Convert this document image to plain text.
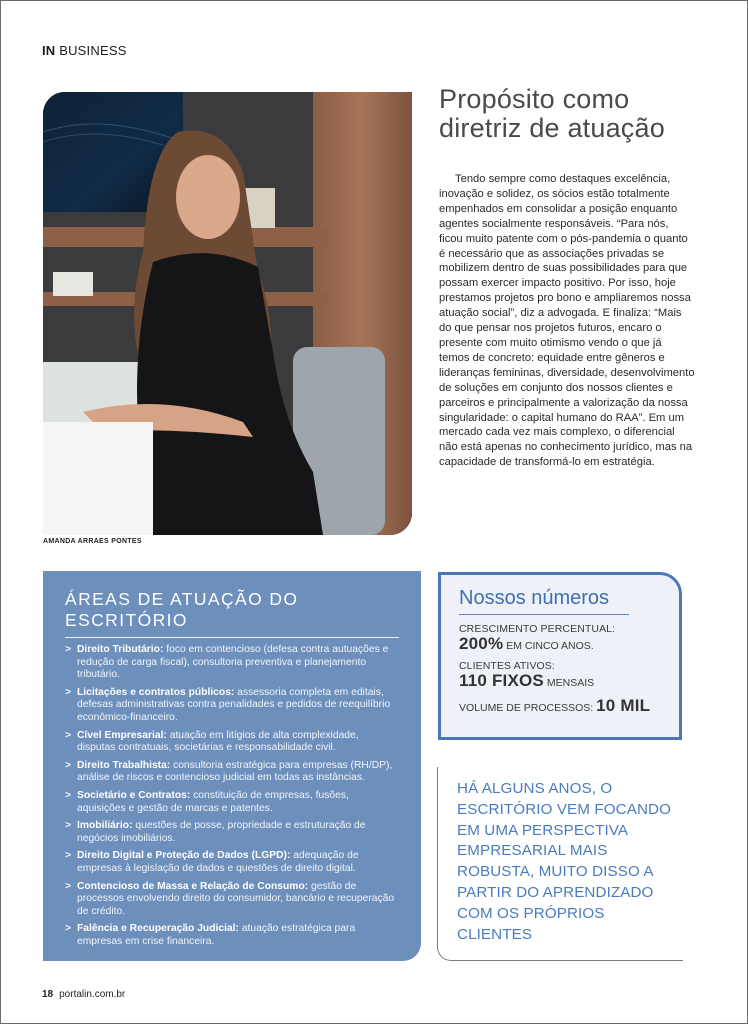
IN BUSINESS
AMANDA ARRAES PONTES
Propósito como diretriz de atuação

Tendo sempre como destaques excelência, inovação e solidez, os sócios estão totalmente empenhados em consolidar a posição enquanto agentes socialmente responsáveis. “Para nós, ficou muito patente com o pós-pandemia o quanto é necessário que as associações privadas se mobilizem dentro de suas possibilidades para que possam exercer impacto positivo. Por isso, hoje prestamos projetos pro bono e ampliaremos nossa atuação social”, diz a advogada. E finaliza: “Mais do que pensar nos projetos futuros, encaro o presente com muito otimismo vendo o que já temos de concreto: equidade entre gêneros e lideranças femininas, diversidade, desenvolvimento de soluções em conjunto dos nossos clientes e parceiros e principalmente a valorização da nossa singularidade: o capital humano do RAA”. Em um mercado cada vez mais complexo, o diferencial não está apenas no conhecimento jurídico, mas na capacidade de transformá-lo em estratégia.

ÁREAS DE ATUAÇÃO DO ESCRITÓRIO
> Direito Tributário: foco em contencioso (defesa contra autuações e redução de carga fiscal), consultoria preventiva e planejamento tributário.
> Licitações e contratos públicos: assessoria completa em editais, defesas administrativas contra penalidades e pedidos de reequilíbrio econômico-financeiro.
> Cível Empresarial: atuação em litígios de alta complexidade, disputas contratuais, societárias e responsabilidade civil.
> Direito Trabalhista: consultoria estratégica para empresas (RH/DP), análise de riscos e contencioso judicial em todas as instâncias.
> Societário e Contratos: constituição de empresas, fusões, aquisições e gestão de marcas e patentes.
> Imobiliário: questões de posse, propriedade e estruturação de negócios imobiliários.
> Direito Digital e Proteção de Dados (LGPD): adequação de empresas à legislação de dados e questões de direito digital.
> Contencioso de Massa e Relação de Consumo: gestão de processos envolvendo direito do consumidor, bancário e recuperação de crédito.
> Falência e Recuperação Judicial: atuação estratégica para empresas em crise financeira.
Nossos números
CRESCIMENTO PERCENTUAL:
200% EM CINCO ANOS.
CLIENTES ATIVOS:
110 FIXOS MENSAIS
VOLUME DE PROCESSOS: 10 MIL
HÁ ALGUNS ANOS, O ESCRITÓRIO VEM FOCANDO EM UMA PERSPECTIVA EMPRESARIAL MAIS ROBUSTA, MUITO DISSO A PARTIR DO APRENDIZADO COM OS PRÓPRIOS CLIENTES
18 portalin.com.br
